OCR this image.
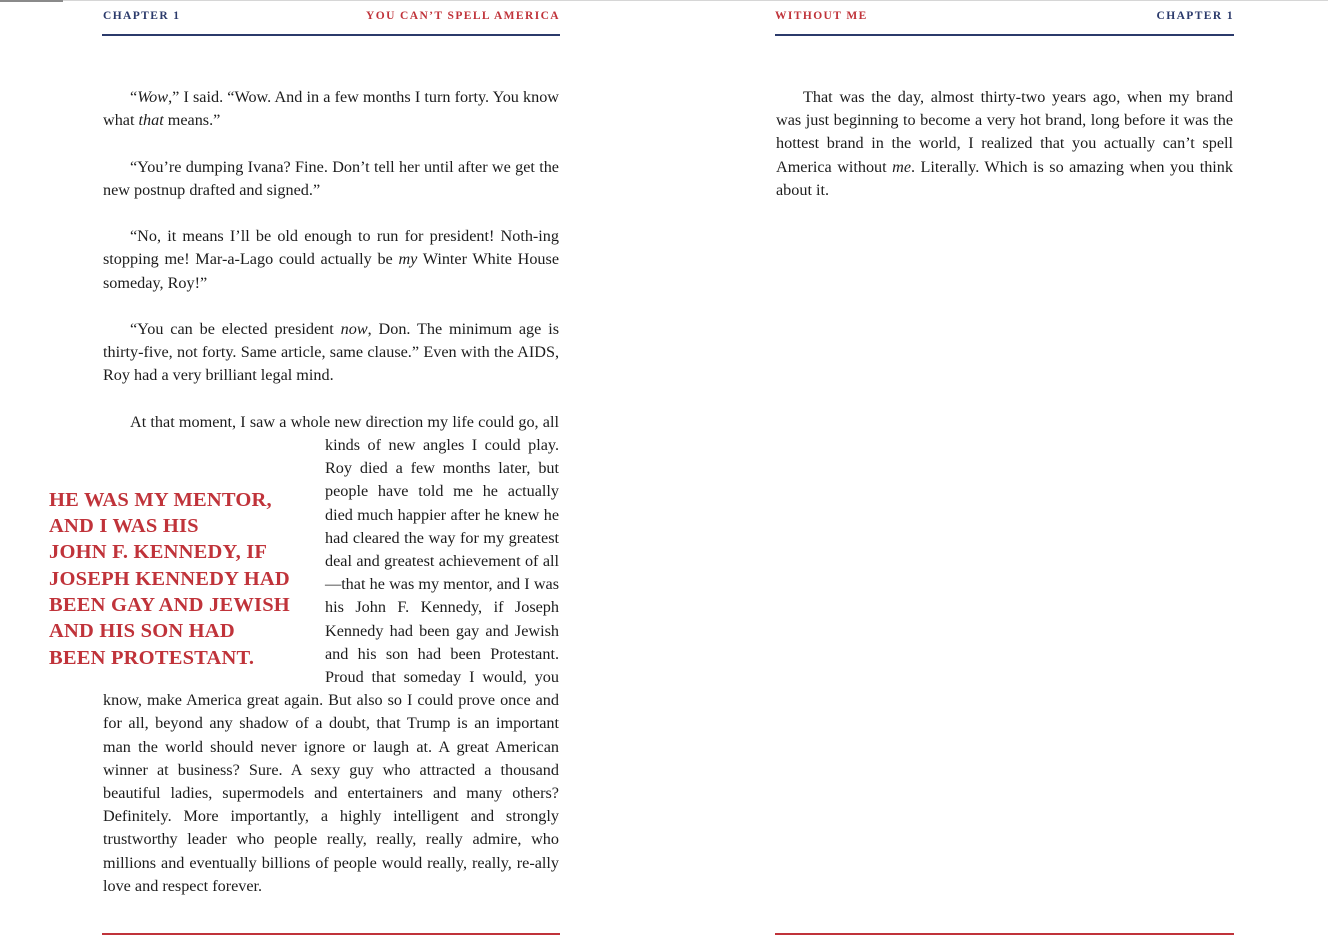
CHAPTER 1	YOU CAN’T SPELL AMERICA

“Wow,” I said. “Wow. And in a few months I turn forty. You know what that means.”

“You’re dumping Ivana? Fine. Don’t tell her until after we get the new postnup drafted and signed.”

“No, it means I’ll be old enough to run for president! Noth-ing stopping me! Mar-a-Lago could actually be my Winter White House someday, Roy!”

“You can be elected president now, Don. The minimum age is thirty-five, not forty. Same article, same clause.” Even with the AIDS, Roy had a very brilliant legal mind.

HE WAS MY MENTOR,
AND I WAS HIS
JOHN F. KENNEDY, IF
JOSEPH KENNEDY HAD
BEEN GAY AND JEWISH
AND HIS SON HAD
BEEN PROTESTANT.
At that moment, I saw a whole new direction my life could go, all kinds of new angles I could play. Roy died a few months later, but people have told me he actually died much happier after he knew he had cleared the way for my greatest deal and greatest achievement of all—that he was my mentor, and I was his John F. Kennedy, if Joseph Kennedy had been gay and Jewish and his son had been Protestant. Proud that someday I would, you know, make America great again. But also so I could prove once and for all, beyond any shadow of a doubt, that Trump is an important man the world should never ignore or laugh at. A great American winner at business? Sure. A sexy guy who attracted a thousand beautiful ladies, supermodels and entertainers and many others? Definitely. More importantly, a highly intelligent and strongly trustworthy leader who people really, really, really admire, who millions and eventually billions of people would really, really, re-ally love and respect forever.

WITHOUT ME	CHAPTER 1

That was the day, almost thirty-two years ago, when my brand was just beginning to become a very hot brand, long before it was the hottest brand in the world, I realized that you actually can’t spell America without me. Literally. Which is so amazing when you think about it.
